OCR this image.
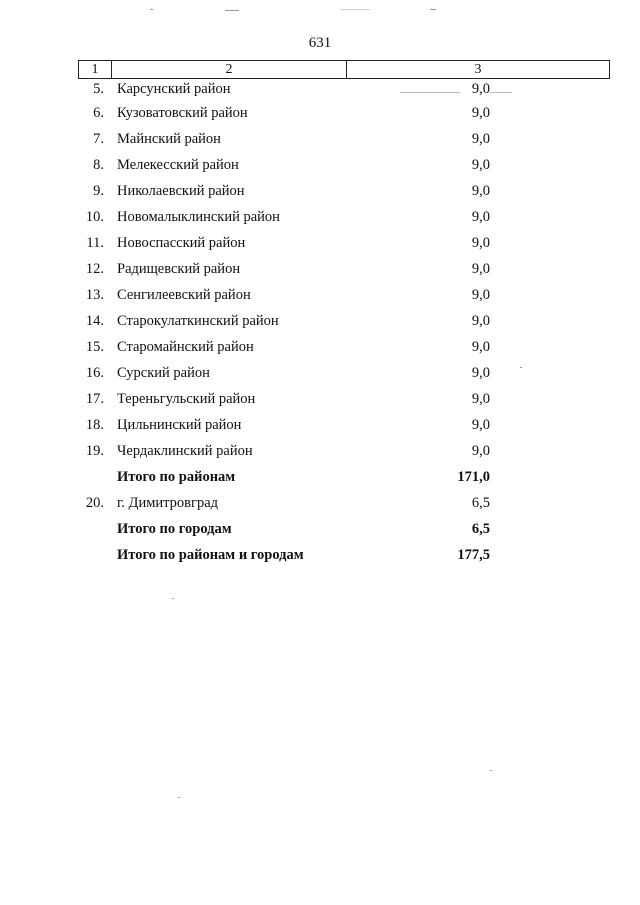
631
1	2	3
5. Карсунский район	9,0
6. Кузоватовский район	9,0
7. Майнский район	9,0
8. Мелекесский район	9,0
9. Николаевский район	9,0
10. Новомалыклинский район	9,0
11. Новоспасский район	9,0
12. Радищевский район	9,0
13. Сенгилеевский район	9,0
14. Старокулаткинский район	9,0
15. Старомайнский район	9,0
16. Сурский район	9,0
17. Тереньгульский район	9,0
18. Цильнинский район	9,0
19. Чердаклинский район	9,0
Итого по районам	171,0
20. г. Димитровград	6,5
Итого по городам	6,5
Итого по районам и городам	177,5
